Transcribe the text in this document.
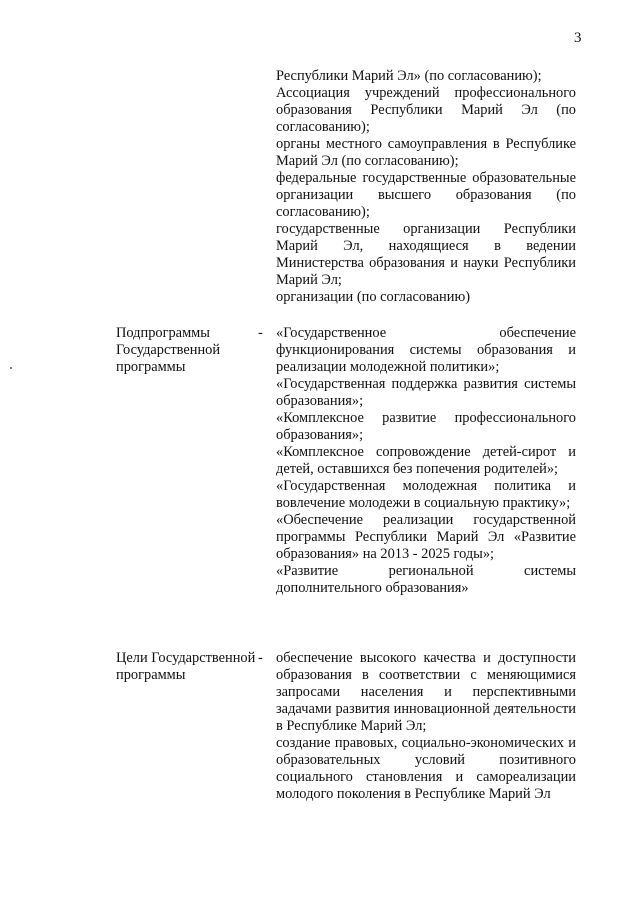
3

Республики Марий Эл» (по согласованию);

Ассоциация учреждений профессионального образования Республики Марий Эл (по согласованию);

органы местного самоуправления в Республике Марий Эл (по согласованию);

федеральные государственные образовательные организации высшего образования (по согласованию);

государственные организации Республики Марий Эл, находящиеся в ведении Министерства образования и науки Республики Марий Эл;

организации (по согласованию)

Подпрограммы Государственной программы
- «Государственное обеспечение функционирования системы образования и реализации молодежной политики»;

«Государственная поддержка развития системы образования»;

«Комплексное развитие профессионального образования»;

«Комплексное сопровождение детей-сирот и детей, оставшихся без попечения родителей»;

«Государственная молодежная политика и вовлечение молодежи в социальную практику»;

«Обеспечение реализации государственной программы Республики Марий Эл «Развитие образования» на 2013 - 2025 годы»;

«Развитие региональной системы дополнительного образования»

Цели Государственной программы
- обеспечение высокого качества и доступности образования в соответствии с меняющимися запросами населения и перспективными задачами развития инновационной деятельности в Республике Марий Эл;

создание правовых, социально-экономических и образовательных условий позитивного социального становления и самореализации молодого поколения в Республике Марий Эл
